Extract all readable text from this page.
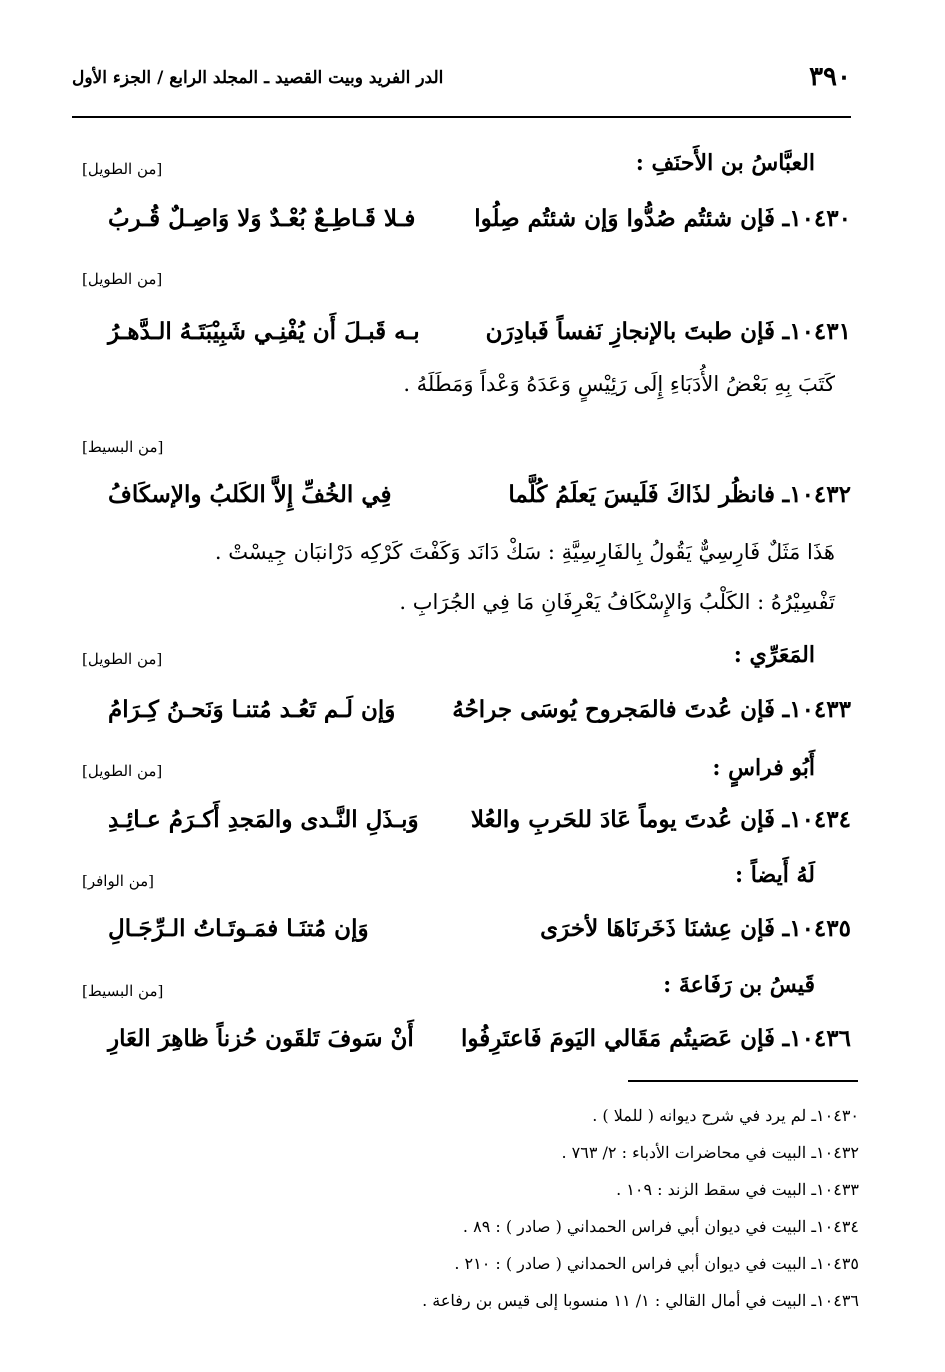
٣٩٠
الدر الفريد وبيت القصيد ـ المجلد الرابع / الجزء الأول
العبَّاسُ بن الأَحنَفِ :
[من الطويل]
١٠٤٣٠ـ
فَإن شئتُم صُدُّوا وَإن شئتُم صِلُوا
فـلا قَـاطِـعٌ بُعْـدٌ وَلا وَاصِـلٌ قُـربُ
[من الطويل]
١٠٤٣١ـ
فَإن طبتَ بالإنجازِ نَفساً فَبادِرَن
بـه قَبـلَ أَن يُفْنِـي شَبِيْبَتَـهُ الـدَّهـرُ
كَتَبَ بِهِ بَعْضُ الأُدَبَاءِ إِلَى رَئِيْسٍ وَعَدَهُ وَعْداً وَمَطَلَهُ .
[من البسيط]
١٠٤٣٢ـ
فانظُر لذَاكَ فَلَيسَ يَعلَمُ كُلَّما
فِي الخُفِّ إِلاَّ الكَلبُ والإسكَافُ
هَذَا مَثَلٌ فَارِسِيٌّ يَقُولُ بِالفَارِسِيَّةِ : سَكْ دَانَد وَكَفْتَ كَرْكِه دَرْانبَان جِيسْتْ .
تَفْسِيْرُهُ : الكَلْبُ وَالإِسْكَافُ يَعْرِفَانِ مَا فِي الجُرَابِ .
المَعَرِّي :
[من الطويل]
١٠٤٣٣ـ
فَإن عُدتَ فالمَجروح يُوسَى جراحُهُ
وَإن لَـم تَعُـد مُتنـا وَنَحـنُ كِـرَامُ
أَبُو فراسٍ :
[من الطويل]
١٠٤٣٤ـ
فَإن عُدتَ يوماً عَادَ للحَربِ والعُلا
وَبـذَلِ النَّـدى والمَجدِ أَكـرَمُ عـائِـدِ
لَهُ أَيضاً :
[من الوافر]
١٠٤٣٥ـ
فَإن عِشنَا ذَخَرنَاهَا لأخرَى
وَإن مُتنَـا فمَـوتَـاتُ الـرِّجَـالِ
قَيسُ بن رَفَاعةَ :
[من البسيط]
١٠٤٣٦ـ
فَإن عَصَيتُم مَقَالي اليَومَ فَاعتَرِفُوا
أَنْ سَوفَ تَلقَون حُزناً ظاهِرَ العَارِ
١٠٤٣٠ـ لم يرد في شرح ديوانه ( للملا ) .
١٠٤٣٢ـ البيت في محاضرات الأدباء : ٢/ ٧٦٣ .
١٠٤٣٣ـ البيت في سقط الزند : ١٠٩ .
١٠٤٣٤ـ البيت في ديوان أبي فراس الحمداني ( صادر ) : ٨٩ .
١٠٤٣٥ـ البيت في ديوان أبي فراس الحمداني ( صادر ) : ٢١٠ .
١٠٤٣٦ـ البيت في أمال القالي : ١/ ١١ منسوبا إلى قيس بن رفاعة .
